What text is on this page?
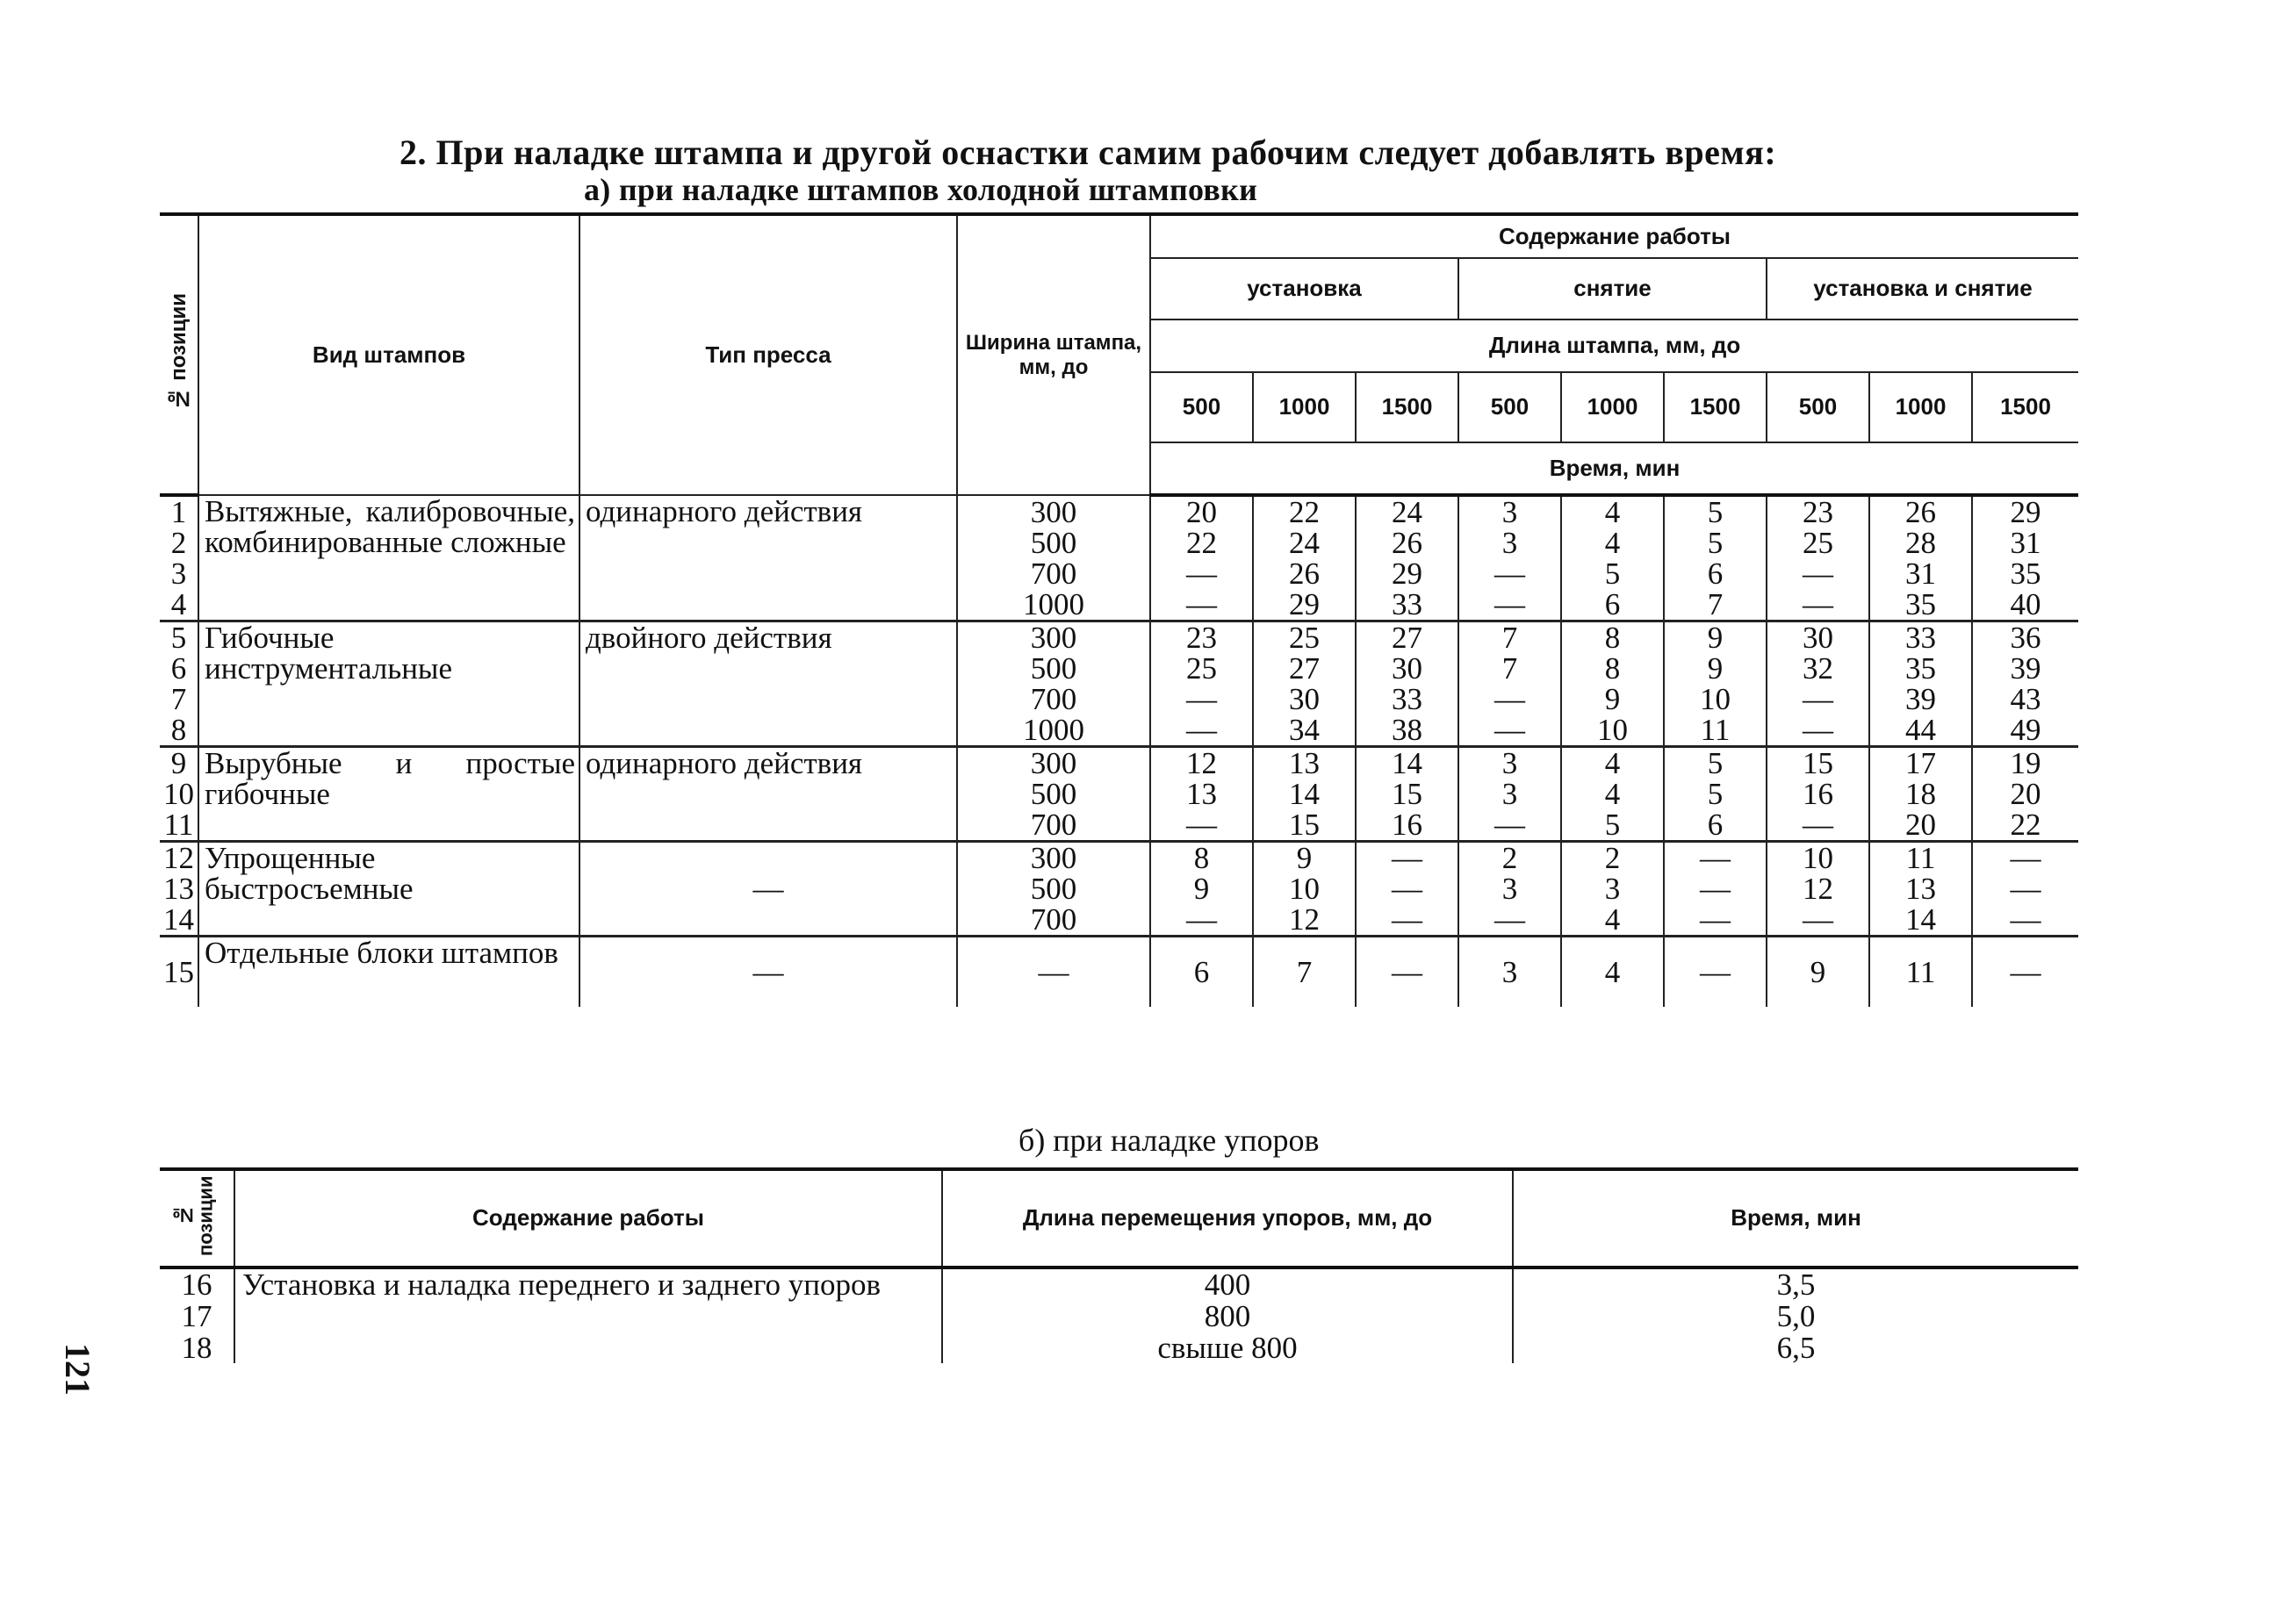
2. При наладке штампа и другой оснастки самим рабочим следует добавлять время:
а) при наладке штампов холодной штамповки
№ позиции	Вид штампов	Тип пресса	Ширина штампа, мм, до	Содержание работы								
				установка			снятие			установка и снятие		
				Длина штампа, мм, до								
				500	1000	1500	500	1000	1500	500	1000	1500
				Время, мин								
1	Вытяжные, калибровочные, комбинированные сложные	одинарного действия	300	20	22	24	3	4	5	23	26	29
2			500	22	24	26	3	4	5	25	28	31
3			700	—	26	29	—	5	6	—	31	35
4			1000	—	29	33	—	6	7	—	35	40
5	Гибочные инструментальные	двойного действия	300	23	25	27	7	8	9	30	33	36
6			500	25	27	30	7	8	9	32	35	39
7			700	—	30	33	—	9	10	—	39	43
8			1000	—	34	38	—	10	11	—	44	49
9	Вырубные и простые гибочные	одинарного действия	300	12	13	14	3	4	5	15	17	19
10			500	13	14	15	3	4	5	16	18	20
11			700	—	15	16	—	5	6	—	20	22
12	Упрощенные быстросъемные	—	300	8	9	—	2	2	—	10	11	—
13			500	9	10	—	3	3	—	12	13	—
14			700	—	12	—	—	4	—	—	14	—
15	Отдельные блоки штампов	—	—	6	7	—	3	4	—	9	11	—
б) при наладке упоров
№ позиции	Содержание работы	Длина перемещения упоров, мм, до	Время, мин
16	Установка и наладка переднего и заднего упоров	400	3,5
17		800	5,0
18		свыше 800	6,5
121
